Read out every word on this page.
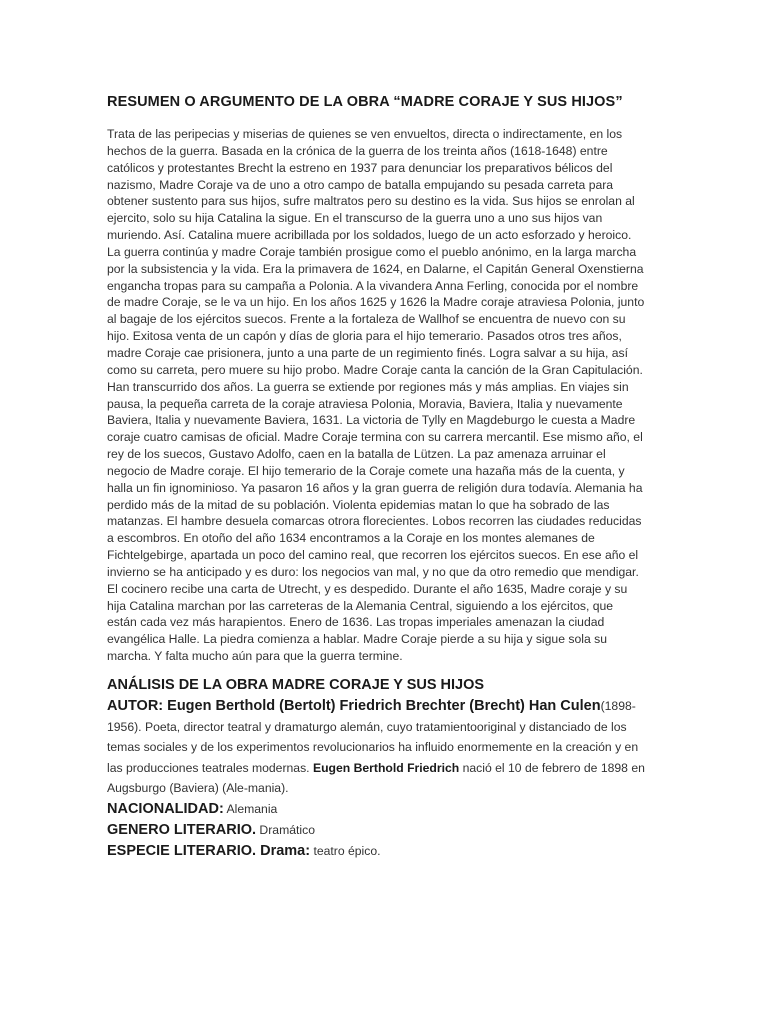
RESUMEN O ARGUMENTO DE LA OBRA “MADRE CORAJE Y SUS HIJOS”
Trata de las peripecias y miserias de quienes se ven envueltos, directa o indirectamente, en los
hechos de la guerra. Basada en la crónica de la guerra de los treinta años (1618-1648) entre
católicos y protestantes Brecht la estreno en 1937 para denunciar los preparativos bélicos del
nazismo, Madre Coraje va de uno a otro campo de batalla empujando su pesada carreta para
obtener sustento para sus hijos, sufre maltratos pero su destino es la vida. Sus hijos se enrolan al
ejercito, solo su hija Catalina la sigue. En el transcurso de la guerra uno a uno sus hijos van
muriendo. Así. Catalina muere acribillada por los soldados, luego de un acto esforzado y heroico.
La guerra continúa y madre Coraje también prosigue como el pueblo anónimo, en la larga marcha
por la subsistencia y la vida. Era la primavera de 1624, en Dalarne, el Capitán General Oxenstierna
engancha tropas para su campaña a Polonia. A la vivandera Anna Ferling, conocida por el nombre
de madre Coraje, se le va un hijo. En los años 1625 y 1626 la Madre coraje atraviesa Polonia, junto
al bagaje de los ejércitos suecos. Frente a la fortaleza de Wallhof se encuentra de nuevo con su
hijo. Exitosa venta de un capón y días de gloria para el hijo temerario. Pasados otros tres años,
madre Coraje cae prisionera, junto a una parte de un regimiento finés. Logra salvar a su hija, así
como su carreta, pero muere su hijo probo. Madre Coraje canta la canción de la Gran Capitulación.
Han transcurrido dos años. La guerra se extiende por regiones más y más amplias. En viajes sin
pausa, la pequeña carreta de la coraje atraviesa Polonia, Moravia, Baviera, Italia y nuevamente
Baviera, Italia y nuevamente Baviera, 1631. La victoria de Tylly en Magdeburgo le cuesta a Madre
coraje cuatro camisas de oficial. Madre Coraje termina con su carrera mercantil. Ese mismo año, el
rey de los suecos, Gustavo Adolfo, caen en la batalla de Lützen. La paz amenaza arruinar el
negocio de Madre coraje. El hijo temerario de la Coraje comete una hazaña más de la cuenta, y
halla un fin ignominioso. Ya pasaron 16 años y la gran guerra de religión dura todavía. Alemania ha
perdido más de la mitad de su población. Violenta epidemias matan lo que ha sobrado de las
matanzas. El hambre desuela comarcas otrora florecientes. Lobos recorren las ciudades reducidas
a escombros. En otoño del año 1634 encontramos a la Coraje en los montes alemanes de
Fichtelgebirge, apartada un poco del camino real, que recorren los ejércitos suecos. En ese año el
invierno se ha anticipado y es duro: los negocios van mal, y no que da otro remedio que mendigar.
El cocinero recibe una carta de Utrecht, y es despedido. Durante el año 1635, Madre coraje y su
hija Catalina marchan por las carreteras de la Alemania Central, siguiendo a los ejércitos, que
están cada vez más harapientos. Enero de 1636. Las tropas imperiales amenazan la ciudad
evangélica Halle. La piedra comienza a hablar. Madre Coraje pierde a su hija y sigue sola su
marcha. Y falta mucho aún para que la guerra termine.
ANÁLISIS DE LA OBRA MADRE CORAJE Y SUS HIJOS
AUTOR: Eugen Berthold (Bertolt) Friedrich Brechter (Brecht) Han Culen(1898-
1956). Poeta, director teatral y dramaturgo alemán, cuyo tratamientooriginal y distanciado de los
temas sociales y de los experimentos revolucionarios ha influido enormemente en la creación y en
las producciones teatrales modernas. Eugen Berthold Friedrich nació el 10 de febrero de 1898 en
Augsburgo (Baviera) (Ale-mania).
NACIONALIDAD: Alemania
GENERO LITERARIO. Dramático
ESPECIE LITERARIO. Drama: teatro épico.
